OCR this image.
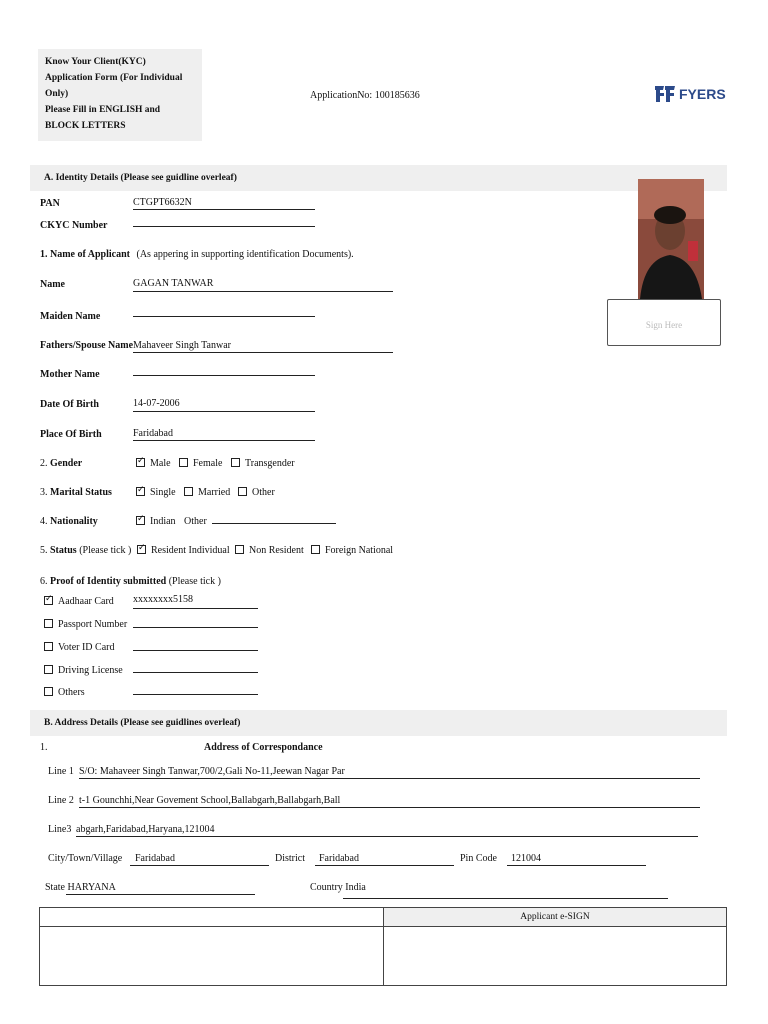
Know Your Client(KYC)
Application Form (For Individual
Only)
Please Fill in ENGLISH and
BLOCK LETTERS
ApplicationNo: 100185636	FYERS
A. Identity Details (Please see guidline overleaf)
Sign Here
PAN	CTGPT6632N
CKYC Number
1. Name of Applicant (As appering in supporting identification Documents).
Name	GAGAN TANWAR
Maiden Name
Fathers/Spouse Name Mahaveer Singh Tanwar
Mother Name
Date Of Birth	14-07-2006
Place Of Birth	Faridabad
2. Gender ✓	Male Female Transgender
3. Marital Status ✓	Single Married Other
4. Nationality ✓	Indian Other
5. Status (Please tick ) ✓ Resident Individual Non Resident Foreign National
6. Proof of Identity submitted (Please tick )
✓
Aadhaar Card xxxxxxxx5158
Passport Number
Voter ID Card
Driving License
Others
B. Address Details (Please see guidlines overleaf)
1.	Address of Correspondance
Line 1 S/O: Mahaveer Singh Tanwar,700/2,Gali No-11,Jeewan Nagar Par
Line 2 t-1 Gounchhi,Near Govement School,Ballabgarh,Ballabgarh,Ball
Line3 abgarh,Faridabad,Haryana,121004
City/Town/Village Faridabad	District Faridabad	Pin Code 121004
State HARYANA	Country India
Applicant e-SIGN
